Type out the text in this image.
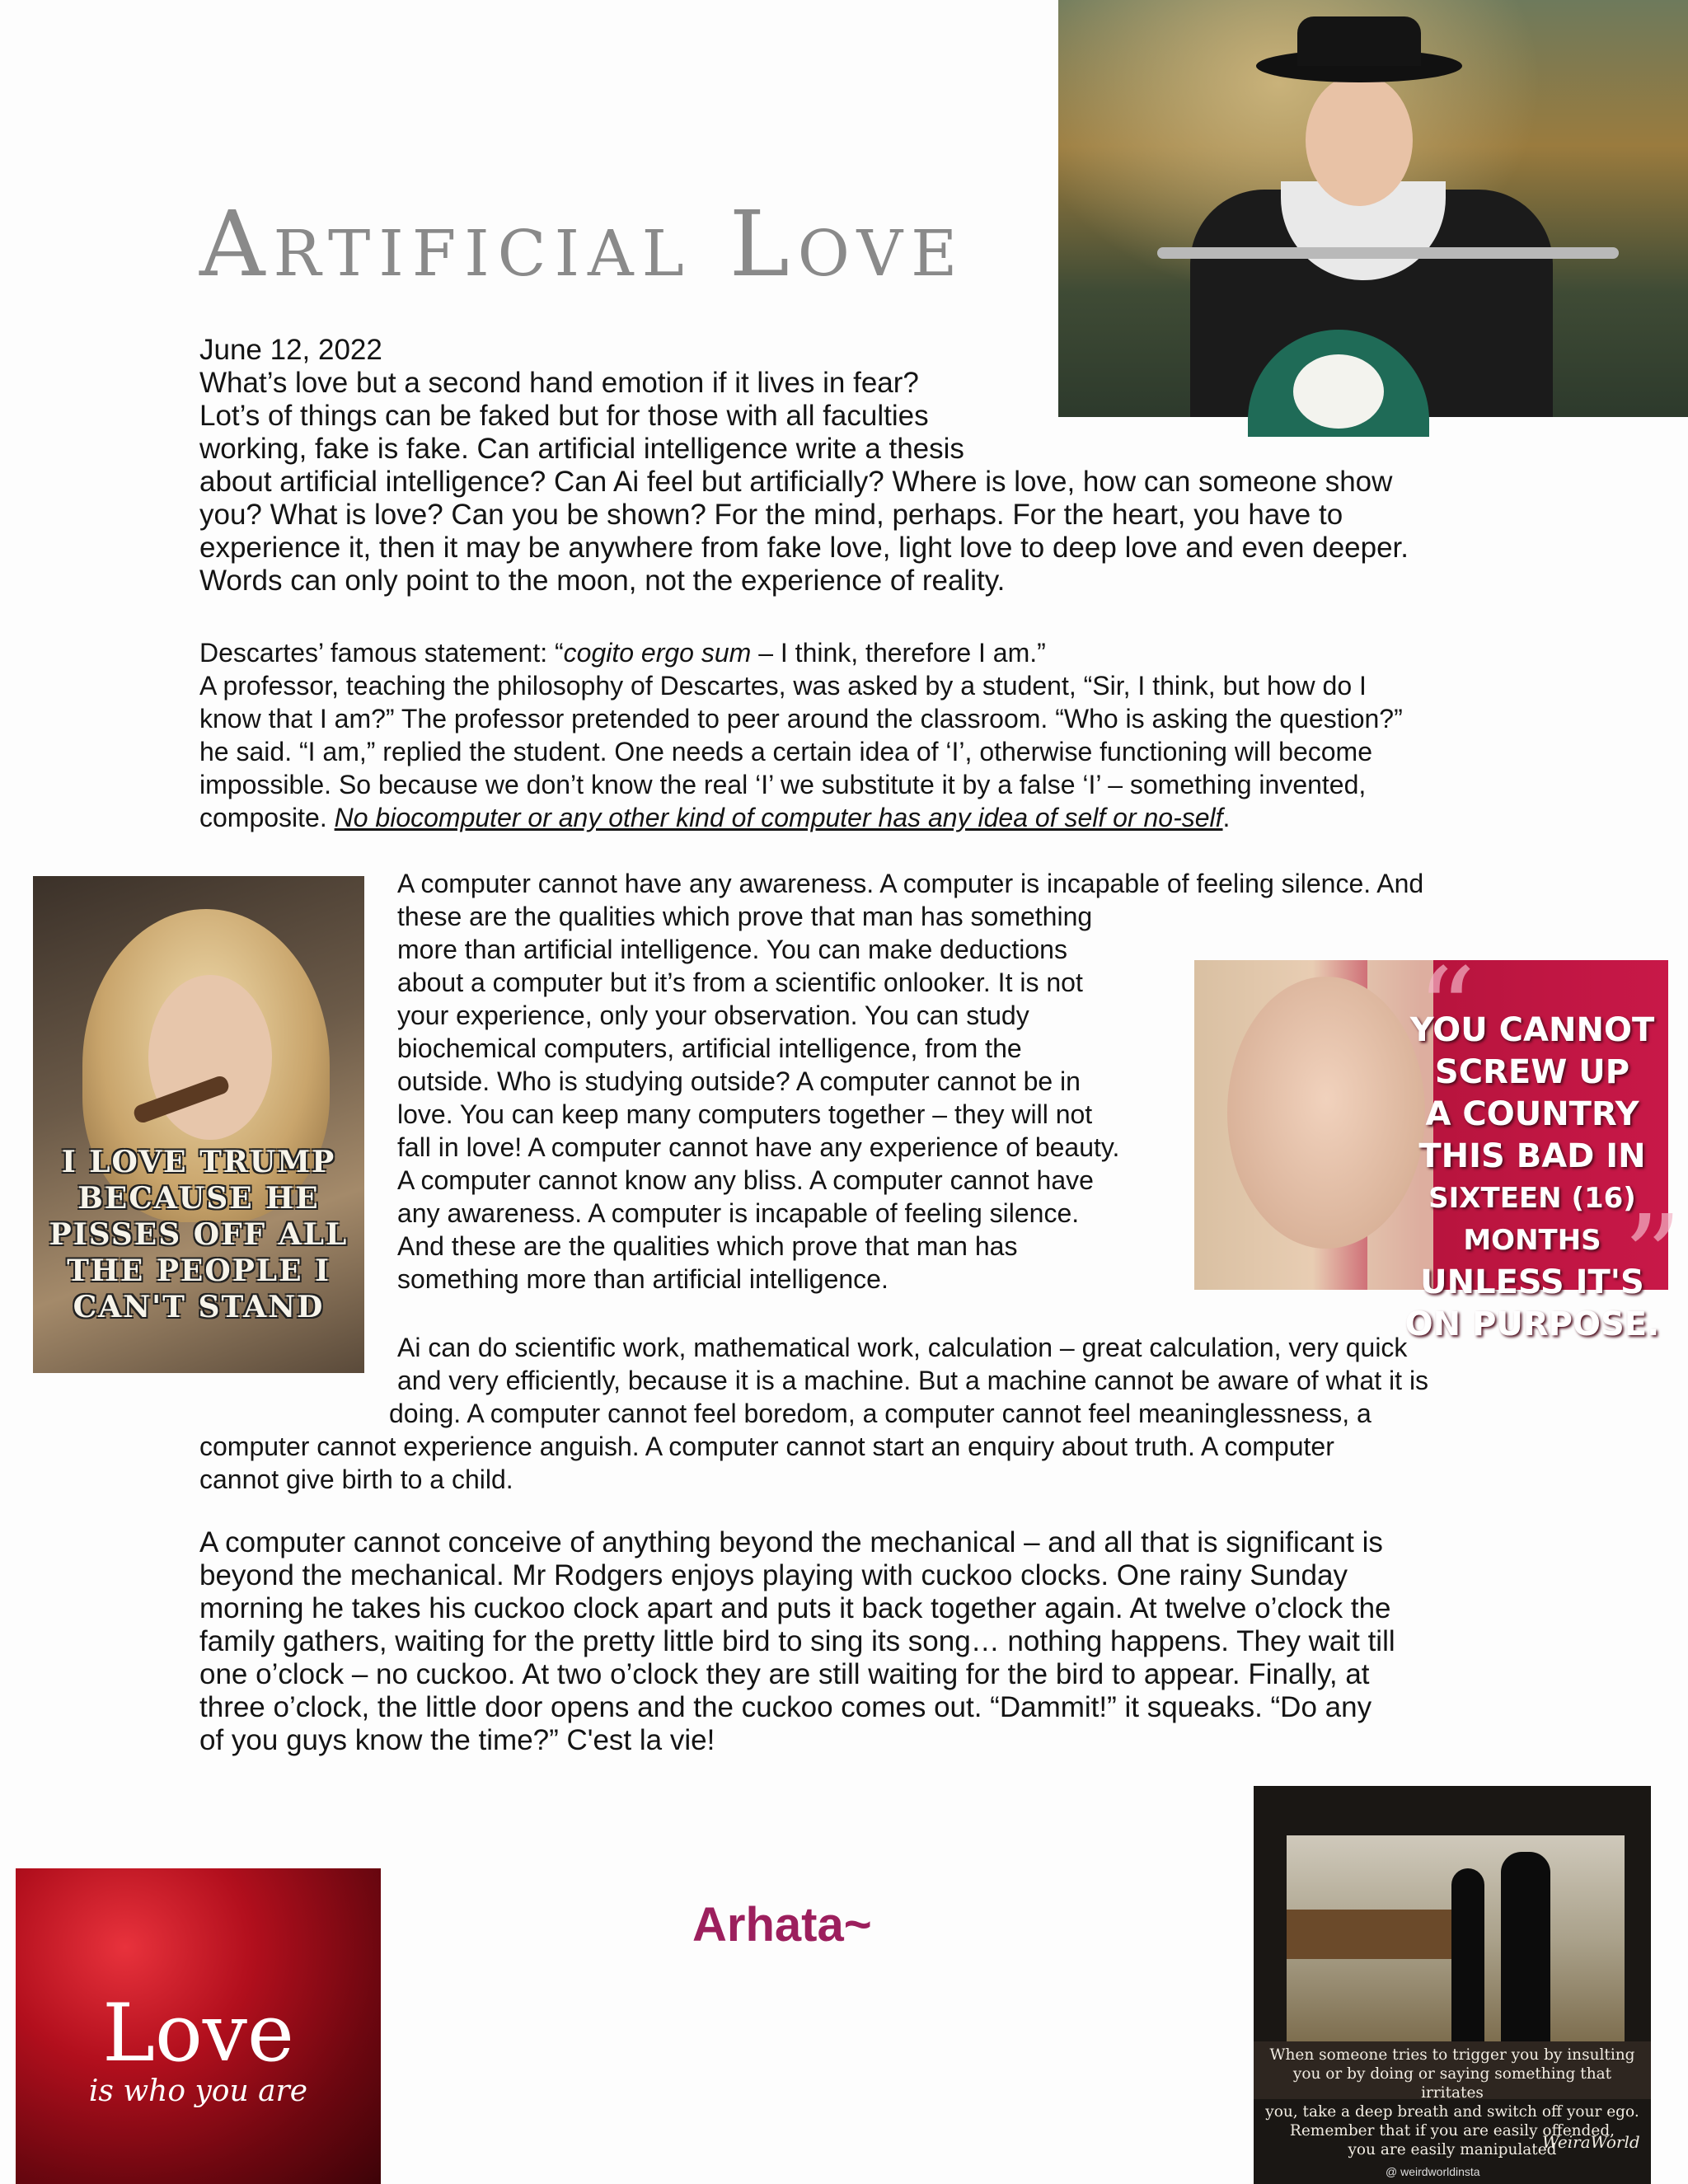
Artificial Love

June 12, 2022

What’s love but a second hand emotion if it lives in fear?

Lot’s of things can be faked but for those with all faculties

working, fake is fake. Can artificial intelligence write a thesis

about artificial intelligence? Can Ai feel but artificially? Where is love, how can someone show

you? What is love? Can you be shown? For the mind, perhaps. For the heart, you have to

experience it, then it may be anywhere from fake love, light love to deep love and even deeper.

Words can only point to the moon, not the experience of reality.

Descartes’ famous statement: “cogito ergo sum – I think, therefore I am.”

A professor, teaching the philosophy of Descartes, was asked by a student, “Sir, I think, but how do I

know that I am?” The professor pretended to peer around the classroom. “Who is asking the question?”

he said. “I am,” replied the student. One needs a certain idea of ‘I’, otherwise functioning will become

impossible. So because we don’t know the real ‘I’ we substitute it by a false ‘I’ – something invented,

composite. No biocomputer or any other kind of computer has any idea of self or no-self.

I LOVE TRUMP
BECAUSE HE
PISSES OFF ALL
THE PEOPLE I
CAN'T STAND

A computer cannot have any awareness. A computer is incapable of feeling silence. And

these are the qualities which prove that man has something

more than artificial intelligence. You can make deductions

about a computer but it’s from a scientific onlooker. It is not

your experience, only your observation. You can study

biochemical computers, artificial intelligence, from the

outside. Who is studying outside? A computer cannot be in

love. You can keep many computers together – they will not

fall in love! A computer cannot have any experience of beauty.

A computer cannot know any bliss. A computer cannot have

any awareness. A computer is incapable of feeling silence.

And these are the qualities which prove that man has

something more than artificial intelligence.

“
”
YOU CANNOT
SCREW UP
A COUNTRY
THIS BAD IN
SIXTEEN (16) MONTHS
UNLESS IT'S
ON PURPOSE.

Ai can do scientific work, mathematical work, calculation – great calculation, very quick

and very efficiently, because it is a machine. But a machine cannot be aware of what it is

doing. A computer cannot feel boredom, a computer cannot feel meaninglessness, a

computer cannot experience anguish. A computer cannot start an enquiry about truth. A computer

cannot give birth to a child.

A computer cannot conceive of anything beyond the mechanical – and all that is significant is

beyond the mechanical. Mr Rodgers enjoys playing with cuckoo clocks. One rainy Sunday

morning he takes his cuckoo clock apart and puts it back together again. At twelve o’clock the

family gathers, waiting for the pretty little bird to sing its song… nothing happens. They wait till

one o’clock – no cuckoo. At two o’clock they are still waiting for the bird to appear. Finally, at

three o’clock, the little door opens and the cuckoo comes out. “Dammit!” it squeaks. “Do any

of you guys know the time?” C'est la vie!

Arhata~
Love
is who you are
When someone tries to trigger you by insulting
you or by doing or saying something that irritates
you, take a deep breath and switch off your ego.
Remember that if you are easily offended,
you are easily manipulated
WeiraWorld
@ weirdworldinsta
